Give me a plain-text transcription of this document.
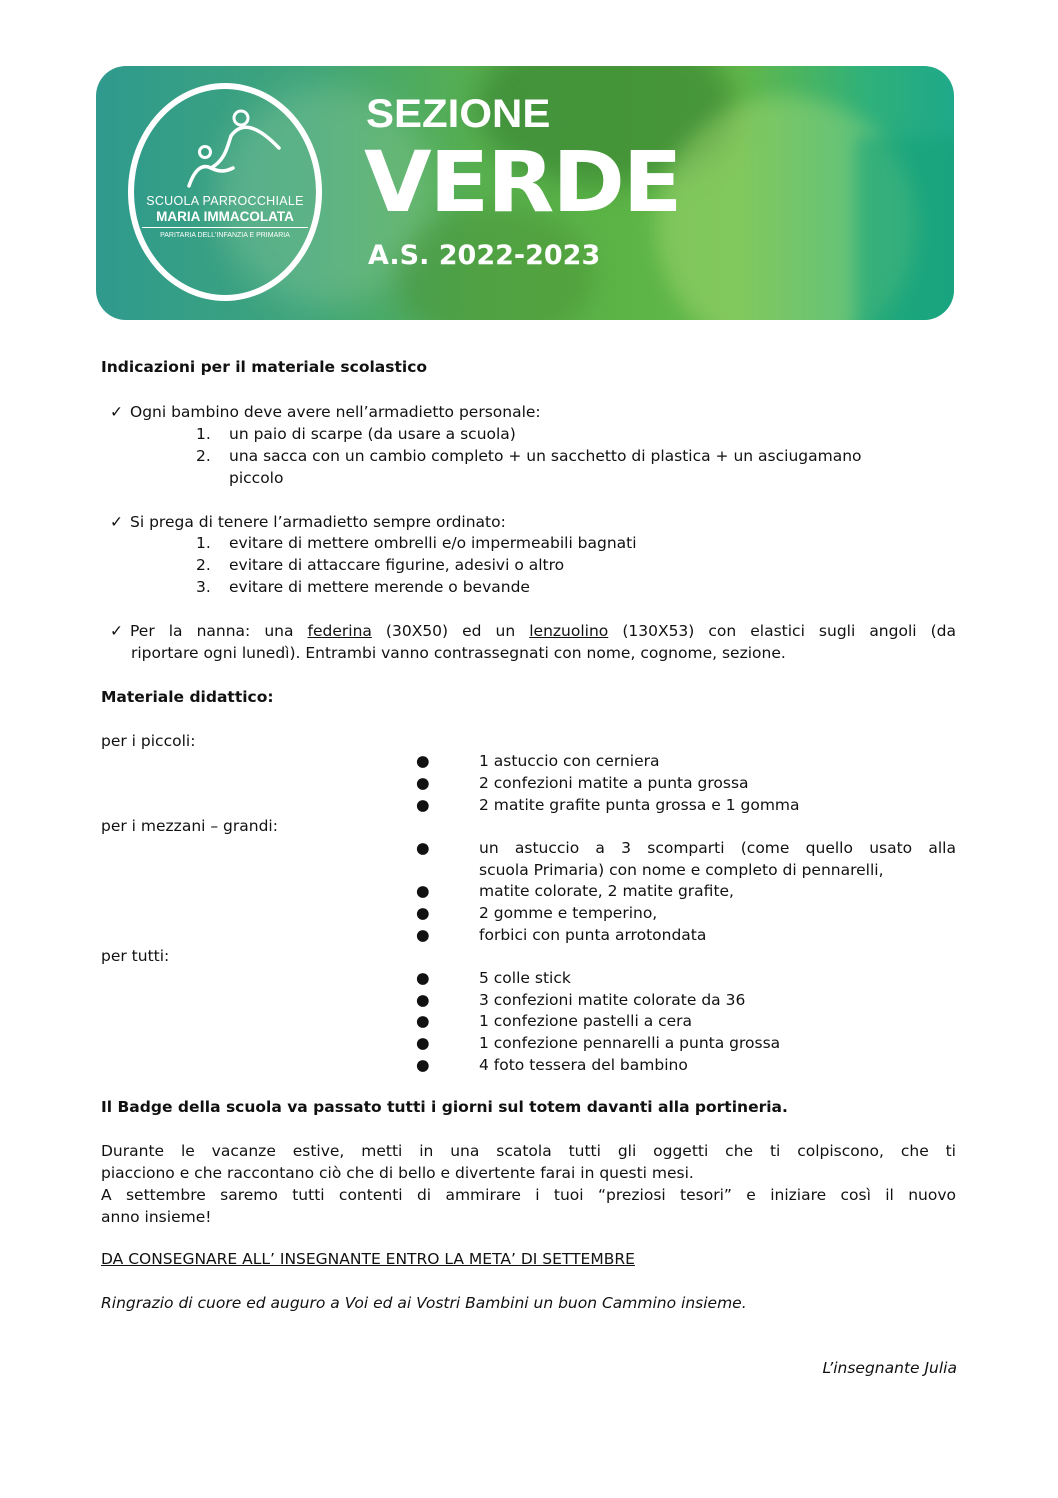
SCUOLA PARROCCHIALE
MARIA IMMACOLATA
PARITARIA DELL'INFANZIA E PRIMARIA
SEZIONE
VERDE
A.S. 2022-2023
Indicazioni per il materiale scolastico
✓ Ogni bambino deve avere nell’armadietto personale:
1. un paio di scarpe (da usare a scuola)
2. una sacca con un cambio completo + un sacchetto di plastica + un asciugamano
piccolo
✓ Si prega di tenere l’armadietto sempre ordinato:
1. evitare di mettere ombrelli e/o impermeabili bagnati
2. evitare di attaccare figurine, adesivi o altro
3. evitare di mettere merende o bevande
✓ Per la nanna: una federina (30X50) ed un lenzuolino (130X53) con elastici sugli angoli (da
riportare ogni lunedì). Entrambi vanno contrassegnati con nome, cognome, sezione.
Materiale didattico:
per i piccoli:
●	1 astuccio con cerniera
●	2 confezioni matite a punta grossa
●	2 matite grafite punta grossa e 1 gomma
per i mezzani – grandi:
●	un astuccio a 3 scomparti (come quello usato alla
scuola Primaria) con nome e completo di pennarelli,
●	matite colorate, 2 matite grafite,
●	2 gomme e temperino,
●	forbici con punta arrotondata
per tutti:
●	5 colle stick
●	3 confezioni matite colorate da 36
●	1 confezione pastelli a cera
●	1 confezione pennarelli a punta grossa
●	4 foto tessera del bambino
Il Badge della scuola va passato tutti i giorni sul totem davanti alla portineria.
Durante le vacanze estive, metti in una scatola tutti gli oggetti che ti colpiscono, che ti
piacciono e che raccontano ciò che di bello e divertente farai in questi mesi.
A settembre saremo tutti contenti di ammirare i tuoi “preziosi tesori” e iniziare così il nuovo
anno insieme!
DA CONSEGNARE ALL’ INSEGNANTE ENTRO LA META’ DI SETTEMBRE
Ringrazio di cuore ed auguro a Voi ed ai Vostri Bambini un buon Cammino insieme.
L’insegnante Julia
